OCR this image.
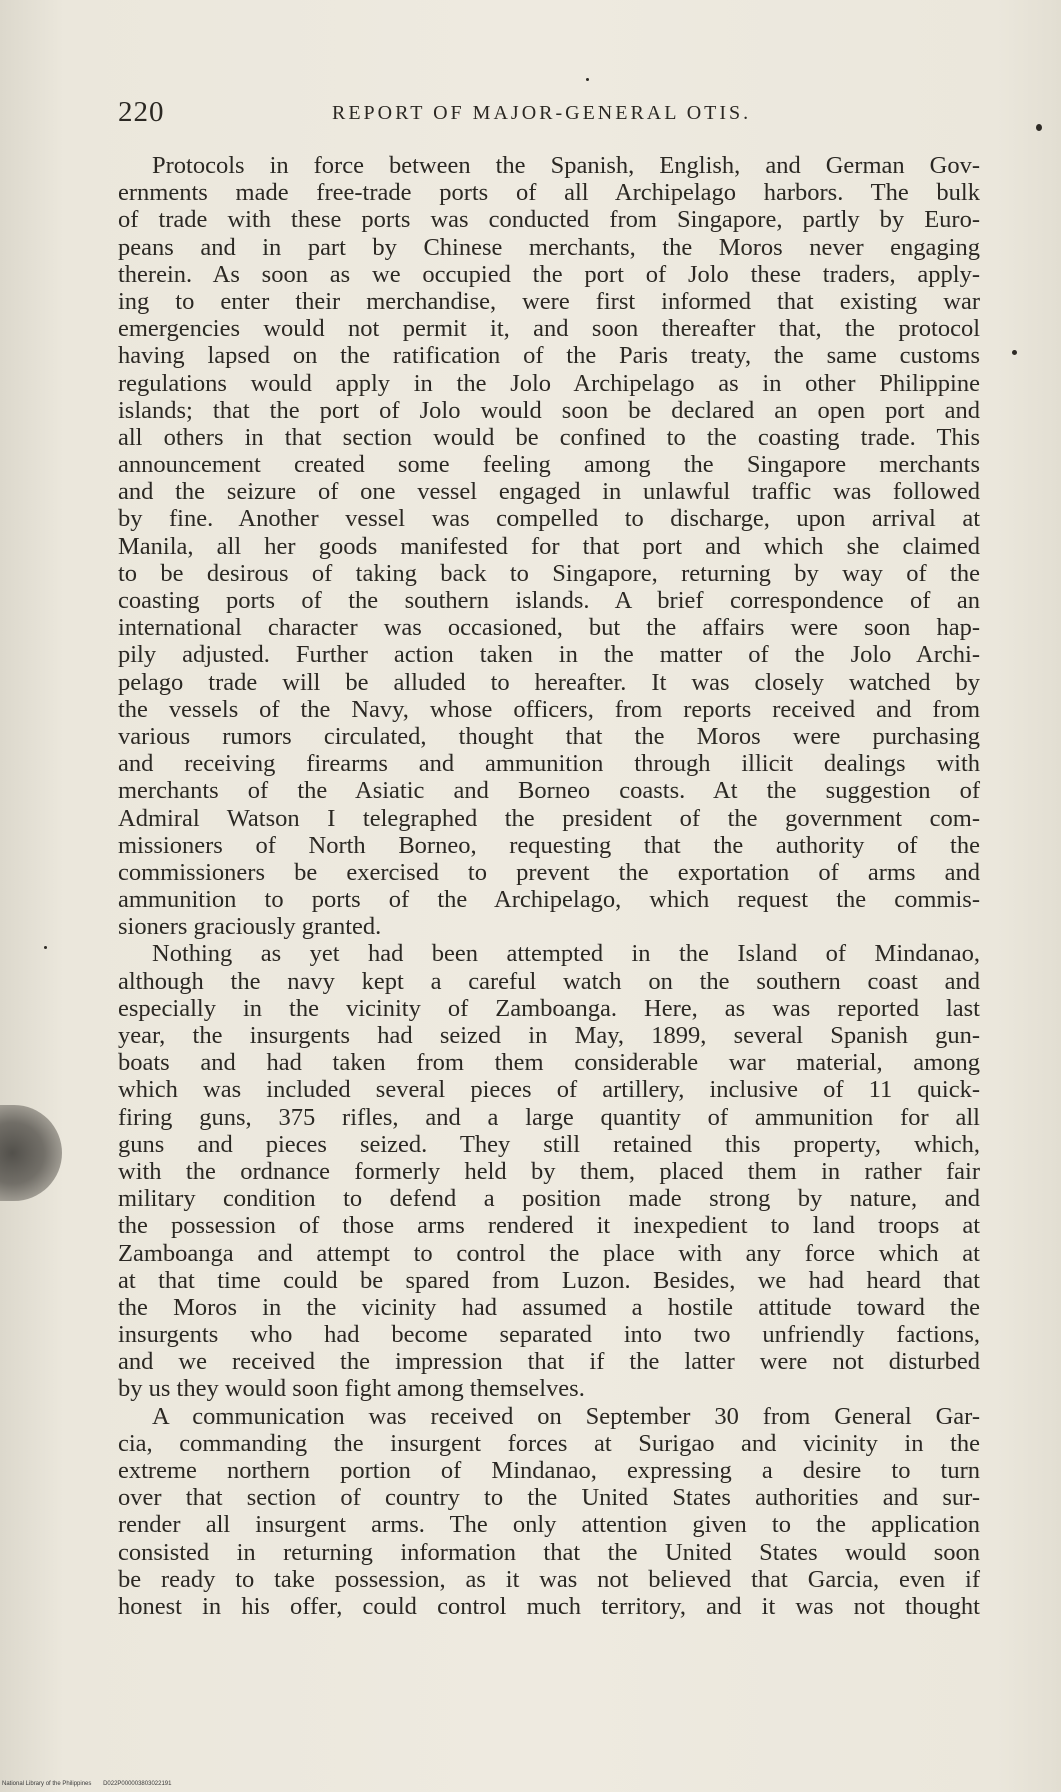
220	REPORT OF MAJOR-GENERAL OTIS.
Protocols in force between the Spanish, English, and German Gov-
ernments made free-trade ports of all Archipelago harbors. The bulk
of trade with these ports was conducted from Singapore, partly by Euro-
peans and in part by Chinese merchants, the Moros never engaging
therein. As soon as we occupied the port of Jolo these traders, apply-
ing to enter their merchandise, were first informed that existing war
emergencies would not permit it, and soon thereafter that, the protocol
having lapsed on the ratification of the Paris treaty, the same customs
regulations would apply in the Jolo Archipelago as in other Philippine
islands; that the port of Jolo would soon be declared an open port and
all others in that section would be confined to the coasting trade. This
announcement created some feeling among the Singapore merchants
and the seizure of one vessel engaged in unlawful traffic was followed
by fine. Another vessel was compelled to discharge, upon arrival at
Manila, all her goods manifested for that port and which she claimed
to be desirous of taking back to Singapore, returning by way of the
coasting ports of the southern islands. A brief correspondence of an
international character was occasioned, but the affairs were soon hap-
pily adjusted. Further action taken in the matter of the Jolo Archi-
pelago trade will be alluded to hereafter. It was closely watched by
the vessels of the Navy, whose officers, from reports received and from
various rumors circulated, thought that the Moros were purchasing
and receiving firearms and ammunition through illicit dealings with
merchants of the Asiatic and Borneo coasts. At the suggestion of
Admiral Watson I telegraphed the president of the government com-
missioners of North Borneo, requesting that the authority of the
commissioners be exercised to prevent the exportation of arms and
ammunition to ports of the Archipelago, which request the commis-
sioners graciously granted.
Nothing as yet had been attempted in the Island of Mindanao,
although the navy kept a careful watch on the southern coast and
especially in the vicinity of Zamboanga. Here, as was reported last
year, the insurgents had seized in May, 1899, several Spanish gun-
boats and had taken from them considerable war material, among
which was included several pieces of artillery, inclusive of 11 quick-
firing guns, 375 rifles, and a large quantity of ammunition for all
guns and pieces seized. They still retained this property, which,
with the ordnance formerly held by them, placed them in rather fair
military condition to defend a position made strong by nature, and
the possession of those arms rendered it inexpedient to land troops at
Zamboanga and attempt to control the place with any force which at
at that time could be spared from Luzon. Besides, we had heard that
the Moros in the vicinity had assumed a hostile attitude toward the
insurgents who had become separated into two unfriendly factions,
and we received the impression that if the latter were not disturbed
by us they would soon fight among themselves.
A communication was received on September 30 from General Gar-
cia, commanding the insurgent forces at Surigao and vicinity in the
extreme northern portion of Mindanao, expressing a desire to turn
over that section of country to the United States authorities and sur-
render all insurgent arms. The only attention given to the application
consisted in returning information that the United States would soon
be ready to take possession, as it was not believed that Garcia, even if
honest in his offer, could control much territory, and it was not thought
National Library of the Philippines D022P000003803022191
